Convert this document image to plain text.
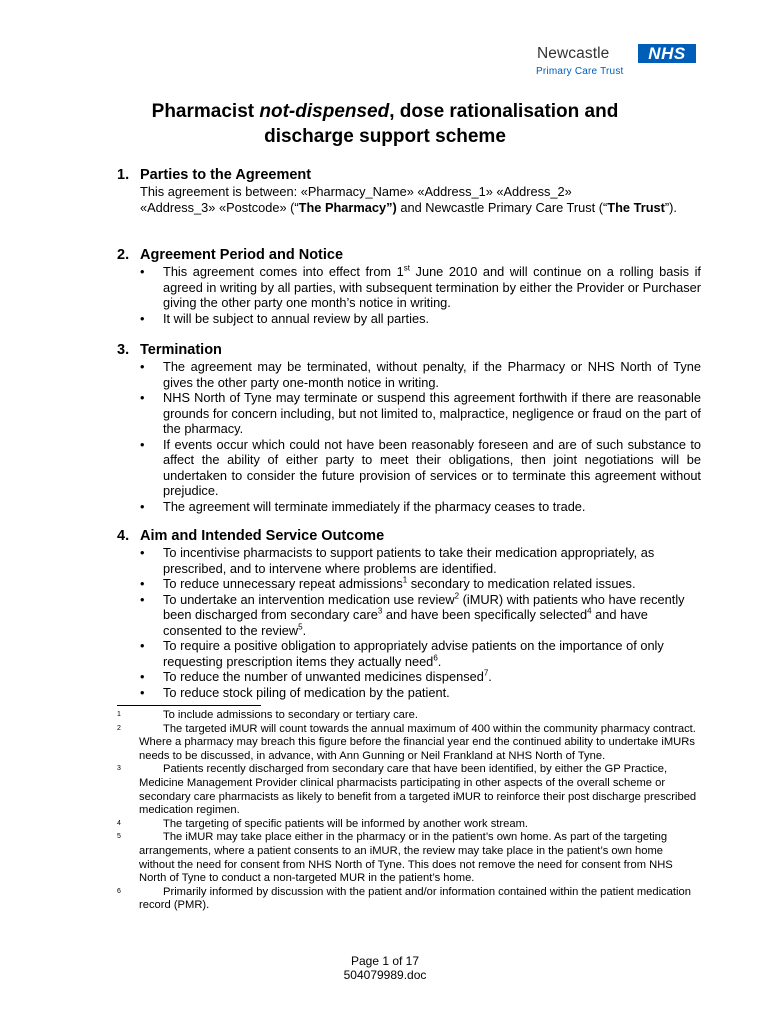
Newcastle	NHS
Primary Care Trust
Pharmacist not-dispensed, dose rationalisation and
discharge support scheme
1. Parties to the Agreement

This agreement is between: «Pharmacy_Name» «Address_1» «Address_2»
«Address_3» «Postcode» (“The Pharmacy”) and Newcastle Primary Care Trust (“The Trust”).

2. Agreement Period and Notice
• This agreement comes into effect from 1st June 2010 and will continue on a rolling basis if agreed in writing by all parties, with subsequent termination by either the Provider or Purchaser giving the other party one month’s notice in writing.
• It will be subject to annual review by all parties.
3. Termination
• The agreement may be terminated, without penalty, if the Pharmacy or NHS North of Tyne gives the other party one-month notice in writing.
• NHS North of Tyne may terminate or suspend this agreement forthwith if there are reasonable grounds for concern including, but not limited to, malpractice, negligence or fraud on the part of the pharmacy.
• If events occur which could not have been reasonably foreseen and are of such substance to affect the ability of either party to meet their obligations, then joint negotiations will be undertaken to consider the future provision of services or to terminate this agreement without prejudice.
• The agreement will terminate immediately if the pharmacy ceases to trade.
4. Aim and Intended Service Outcome
• To incentivise pharmacists to support patients to take their medication appropriately, as prescribed, and to intervene where problems are identified.
• To reduce unnecessary repeat admissions$^1$ secondary to medication related issues.
• To undertake an intervention medication use review$^2$ (iMUR) with patients who have recently been discharged from secondary care$^3$ and have been specifically selected$^4$ and have consented to the review$^5$.
• To require a positive obligation to appropriately advise patients on the importance of only requesting prescription items they actually need$^6$.
• To reduce the number of unwanted medicines dispensed$^7$.
• To reduce stock piling of medication by the patient.
1	To include admissions to secondary or tertiary care.
2	The targeted iMUR will count towards the annual maximum of 400 within the community pharmacy contract. Where a pharmacy may breach this figure before the financial year end the continued ability to undertake iMURs needs to be discussed, in advance, with Ann Gunning or Neil Frankland at NHS North of Tyne.
3	Patients recently discharged from secondary care that have been identified, by either the GP Practice, Medicine Management Provider clinical pharmacists participating in other aspects of the overall scheme or secondary care pharmacists as likely to benefit from a targeted iMUR to reinforce their post discharge prescribed medication regimen.
4	The targeting of specific patients will be informed by another work stream.
5	The iMUR may take place either in the pharmacy or in the patient’s own home. As part of the targeting arrangements, where a patient consents to an iMUR, the review may take place in the patient’s own home without the need for consent from NHS North of Tyne. This does not remove the need for consent from NHS North of Tyne to conduct a non-targeted MUR in the patient’s home.
6	Primarily informed by discussion with the patient and/or information contained within the patient medication record (PMR).
Page 1 of 17
504079989.doc
